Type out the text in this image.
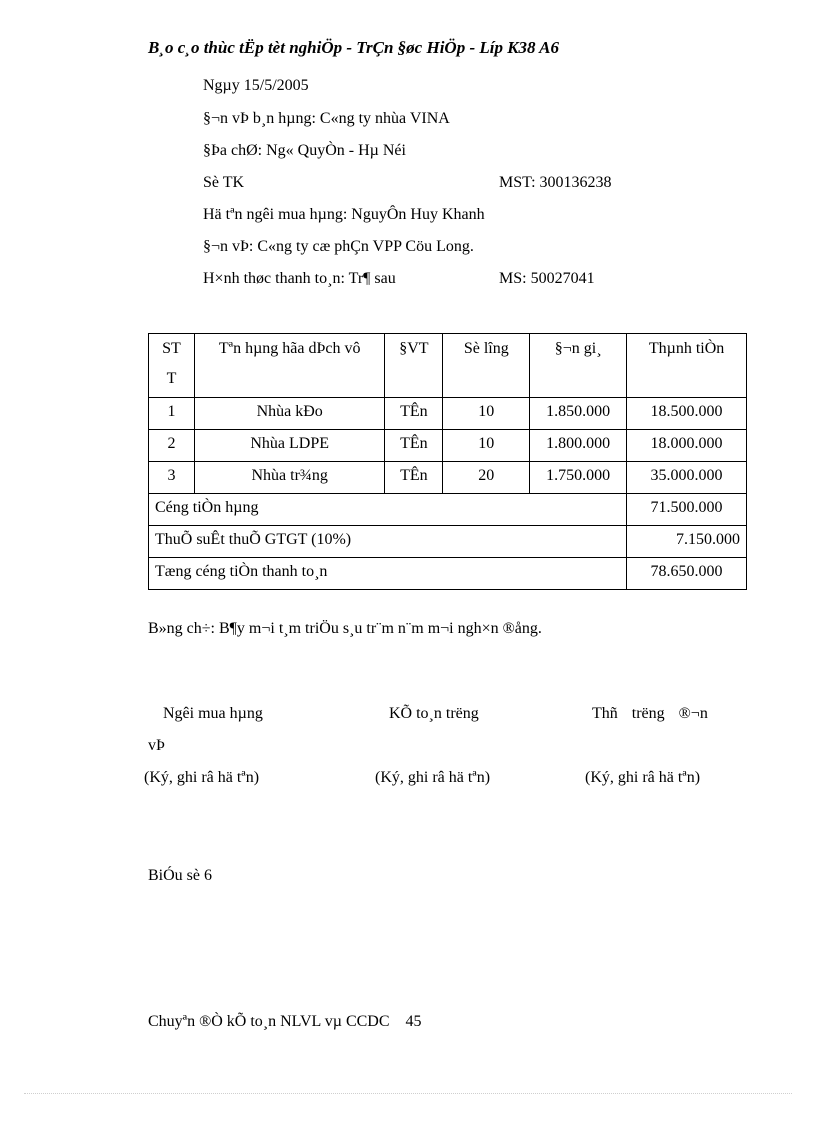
B¸o c¸o thùc tËp tèt nghiÖp - TrÇn §øc HiÖp - Líp K38 A6
Ngµy 15/5/2005
§¬n vÞ b¸n hµng: C«ng ty nhùa VINA
§Þa chØ: Ng« QuyÒn - Hµ Néi
Sè TK	MST: 300136238
Hä tªn ngêi mua hµng: NguyÔn Huy Khanh
§¬n vÞ: C«ng ty cæ phÇn VPP Cöu Long.
H×nh thøc thanh to¸n: Tr¶ sau	MS: 50027041
ST
T	Tªn hµng hãa dÞch vô	§VT	Sè lîng	§¬n gi¸	Thµnh tiÒn
1	Nhùa kÐo	TÊn	10	1.850.000	18.500.000
2	Nhùa LDPE	TÊn	10	1.800.000	18.000.000
3	Nhùa tr¾ng	TÊn	20	1.750.000	35.000.000
Céng tiÒn hµng					71.500.000
ThuÕ suÊt thuÕ GTGT (10%)					7.150.000
Tæng céng tiÒn thanh to¸n					78.650.000
B»ng ch÷: B¶y m¬i t¸m triÖu s¸u tr¨m n¨m m¬i ngh×n ®ång.
Ngêi mua hµng	KÕ to¸n trëng	Thñ trëng ®¬n
vÞ
(Ký, ghi râ hä tªn)	(Ký, ghi râ hä tªn)	(Ký, ghi râ hä tªn)
BiÓu sè 6
Chuyªn ®Ò kÕ to¸n NLVL vµ CCDC    45
